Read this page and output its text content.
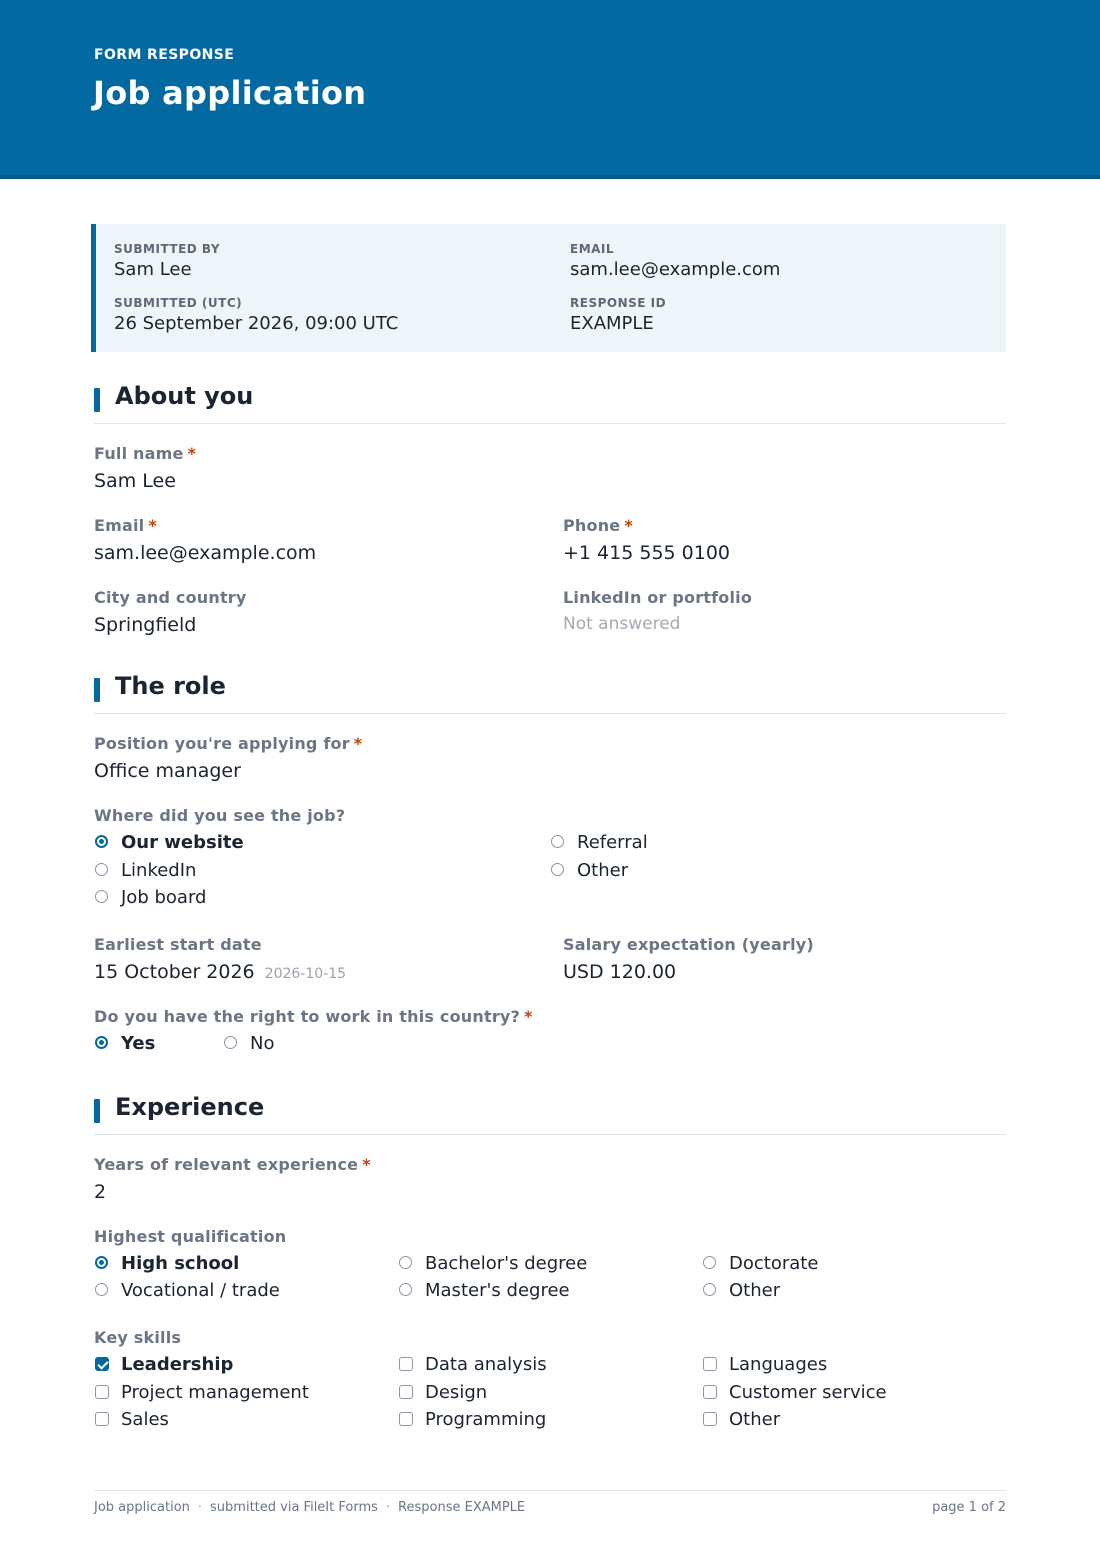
FORM RESPONSE
Job application
SUBMITTED BY
Sam Lee
EMAIL
sam.lee@example.com
SUBMITTED (UTC)
26 September 2026, 09:00 UTC
RESPONSE ID
EXAMPLE
About you
Full name *
Sam Lee
Email *
sam.lee@example.com
Phone *
+1 415 555 0100
City and country
Springfield
LinkedIn or portfolio
Not answered
The role
Position you're applying for *
Office manager
Where did you see the job?
Our website
LinkedIn
Job board
Referral
Other
Earliest start date
15 October 2026 2026-10-15
Salary expectation (yearly)
USD 120.00
Do you have the right to work in this country? *
Yes	No
Experience
Years of relevant experience *
2
Highest qualification
High school
Vocational / trade
Bachelor's degree
Master's degree
Doctorate
Other
Key skills
Leadership
Project management
Sales
Data analysis
Design
Programming
Languages
Customer service
Other
Job application · submitted via FileIt Forms · Response EXAMPLE	page 1 of 2
